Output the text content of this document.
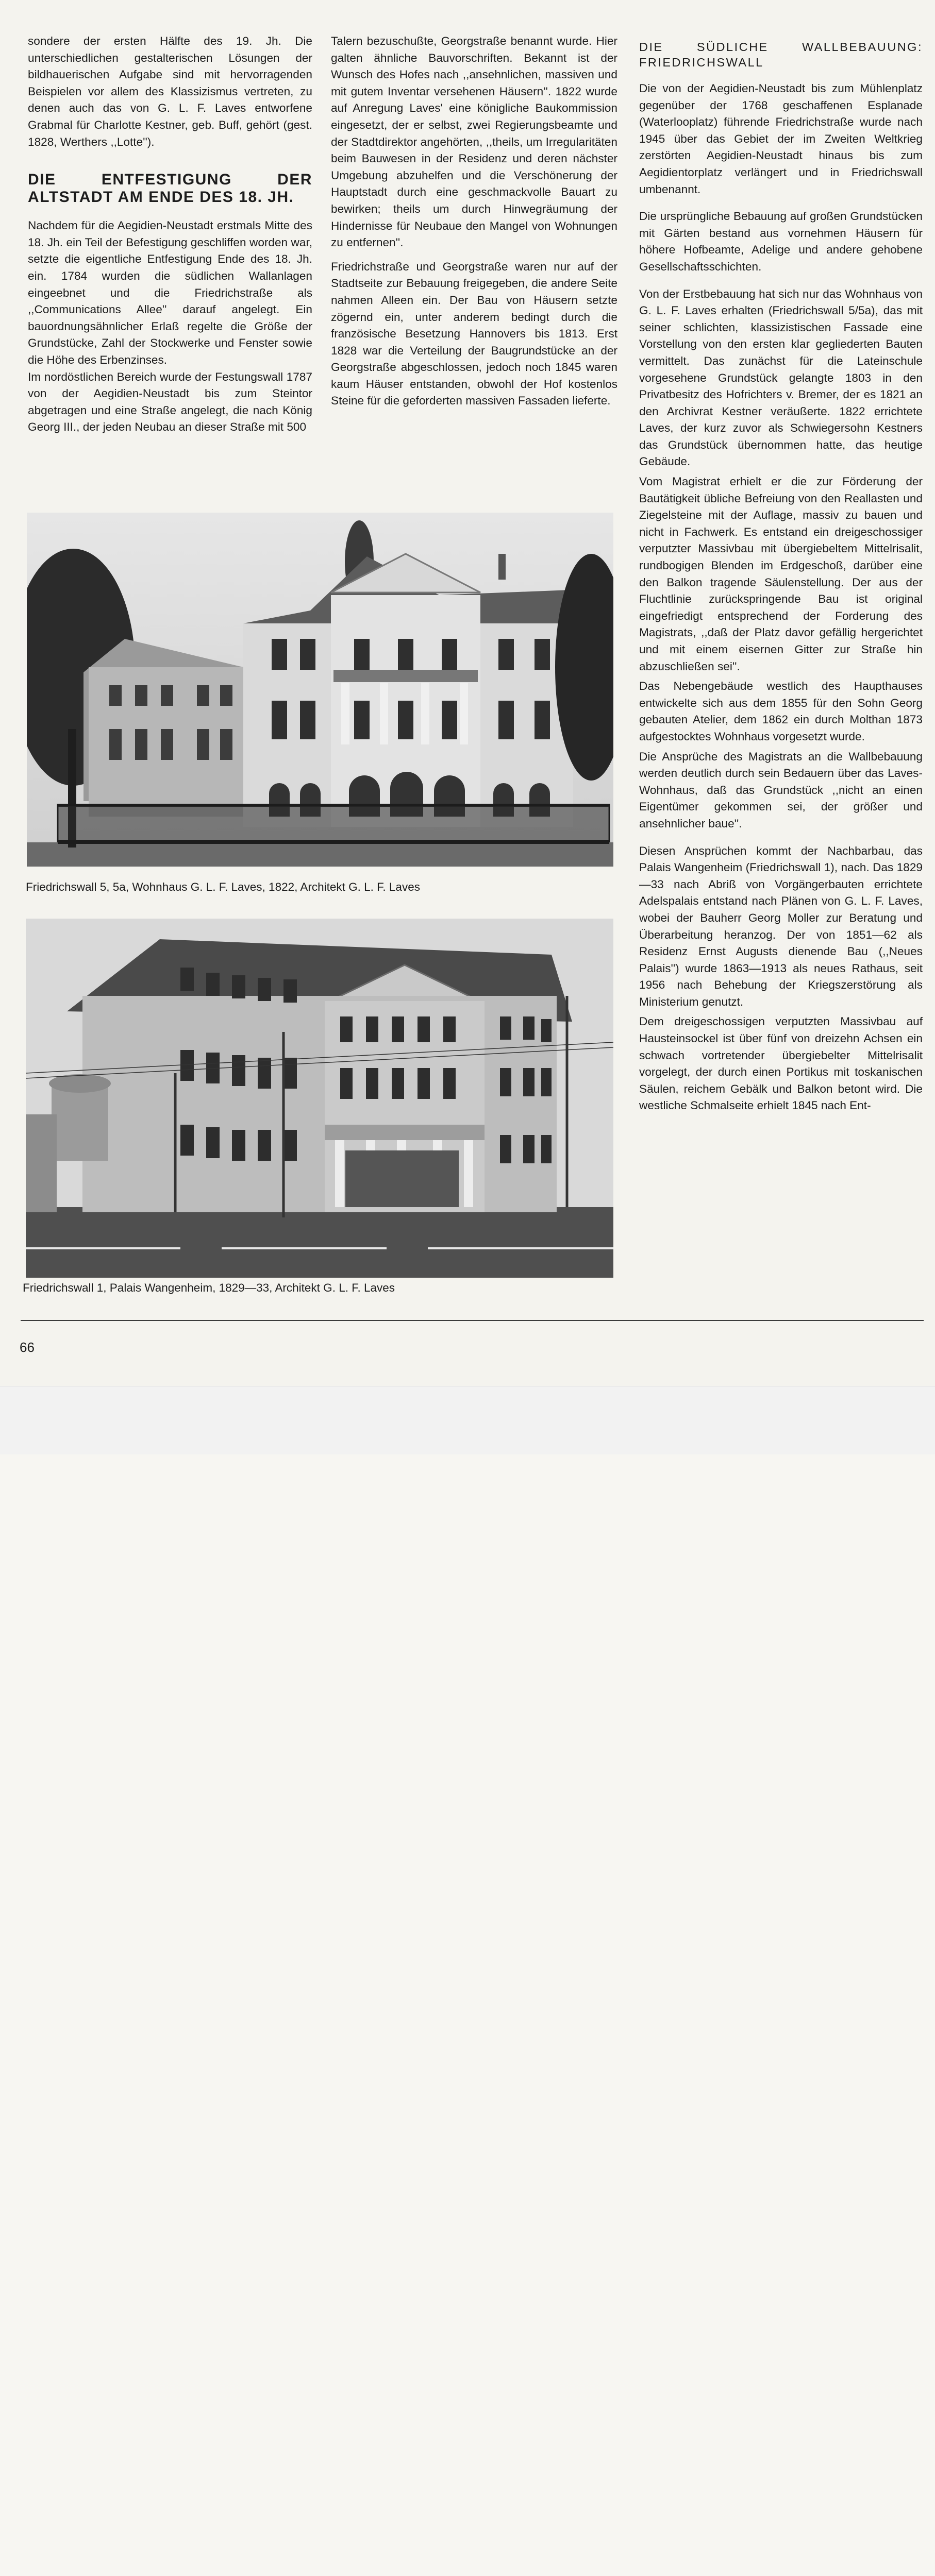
sondere der ersten Hälfte des 19. Jh. Die unterschiedlichen gestalterischen Lösungen der bildhauerischen Aufgabe sind mit hervorragenden Beispielen vor allem des Klassizismus vertreten, zu denen auch das von G. L. F. Laves entworfene Grabmal für Charlotte Kestner, geb. Buff, gehört (gest. 1828, Werthers ,,Lotte'').

DIE ENTFESTIGUNG DER ALTSTADT AM ENDE DES 18. JH.

Nachdem für die Aegidien-Neustadt erstmals Mitte des 18. Jh. ein Teil der Befestigung geschliffen worden war, setzte die eigentliche Entfestigung Ende des 18. Jh. ein. 1784 wurden die südlichen Wallanlagen eingeebnet und die Friedrichstraße als ,,Communications Allee'' darauf angelegt. Ein bauordnungsähnlicher Erlaß regelte die Größe der Grundstücke, Zahl der Stockwerke und Fenster sowie die Höhe des Erbenzinses.

Im nordöstlichen Bereich wurde der Festungswall 1787 von der Aegidien-Neustadt bis zum Steintor abgetragen und eine Straße angelegt, die nach König Georg III., der jeden Neubau an dieser Straße mit 500

Talern bezuschußte, Georgstraße benannt wurde. Hier galten ähnliche Bauvorschriften. Bekannt ist der Wunsch des Hofes nach ,,ansehnlichen, massiven und mit gutem Inventar versehenen Häusern''. 1822 wurde auf Anregung Laves' eine königliche Baukommission eingesetzt, der er selbst, zwei Regierungsbeamte und der Stadtdirektor angehörten, ,,theils, um Irregularitäten beim Bauwesen in der Residenz und deren nächster Umgebung abzuhelfen und die Verschönerung der Hauptstadt durch eine geschmackvolle Bauart zu bewirken; theils um durch Hinwegräumung der Hindernisse für Neubaue den Mangel von Wohnungen zu entfernen''.

Friedrichstraße und Georgstraße waren nur auf der Stadtseite zur Bebauung freigegeben, die andere Seite nahmen Alleen ein. Der Bau von Häusern setzte zögernd ein, unter anderem bedingt durch die französische Besetzung Hannovers bis 1813. Erst 1828 war die Verteilung der Baugrundstücke an der Georgstraße abgeschlossen, jedoch noch 1845 waren kaum Häuser entstanden, obwohl der Hof kostenlos Steine für die geforderten massiven Fassaden lieferte.

DIE SÜDLICHE WALLBEBAUUNG: FRIEDRICHSWALL

Die von der Aegidien-Neustadt bis zum Mühlenplatz gegenüber der 1768 geschaffenen Esplanade (Waterlooplatz) führende Friedrichstraße wurde nach 1945 über das Gebiet der im Zweiten Weltkrieg zerstörten Aegidien-Neustadt hinaus bis zum Aegidientorplatz verlängert und in Friedrichswall umbenannt.

Die ursprüngliche Bebauung auf großen Grundstücken mit Gärten bestand aus vornehmen Häusern für höhere Hofbeamte, Adelige und andere gehobene Gesellschaftsschichten.

Von der Erstbebauung hat sich nur das Wohnhaus von G. L. F. Laves erhalten (Friedrichswall 5/5a), das mit seiner schlichten, klassizistischen Fassade eine Vorstellung von den ersten klar gegliederten Bauten vermittelt. Das zunächst für die Lateinschule vorgesehene Grundstück gelangte 1803 in den Privatbesitz des Hofrichters v. Bremer, der es 1821 an den Archivrat Kestner veräußerte. 1822 errichtete Laves, der kurz zuvor als Schwiegersohn Kestners das Grundstück übernommen hatte, das heutige Gebäude.

Vom Magistrat erhielt er die zur Förderung der Bautätigkeit übliche Befreiung von den Reallasten und Ziegelsteine mit der Auflage, massiv zu bauen und nicht in Fachwerk. Es entstand ein dreigeschossiger verputzter Massivbau mit übergiebeltem Mittelrisalit, rundbogigen Blenden im Erdgeschoß, darüber eine den Balkon tragende Säulenstellung. Der aus der Fluchtlinie zurückspringende Bau ist original eingefriedigt entsprechend der Forderung des Magistrats, ,,daß der Platz davor gefällig hergerichtet und mit einem eisernen Gitter zur Straße hin abzuschließen sei''.

Das Nebengebäude westlich des Haupthauses entwickelte sich aus dem 1855 für den Sohn Georg gebauten Atelier, dem 1862 ein durch Molthan 1873 aufgestocktes Wohnhaus vorgesetzt wurde.

Die Ansprüche des Magistrats an die Wallbebauung werden deutlich durch sein Bedauern über das Laves-Wohnhaus, daß das Grundstück ,,nicht an einen Eigentümer gekommen sei, der größer und ansehnlicher baue''.

Diesen Ansprüchen kommt der Nachbarbau, das Palais Wangenheim (Friedrichswall 1), nach. Das 1829—33 nach Abriß von Vorgängerbauten errichtete Adelspalais entstand nach Plänen von G. L. F. Laves, wobei der Bauherr Georg Moller zur Beratung und Überarbeitung heranzog. Der von 1851—62 als Residenz Ernst Augusts dienende Bau (,,Neues Palais'') wurde 1863—1913 als neues Rathaus, seit 1956 nach Behebung der Kriegszerstörung als Ministerium genutzt.

Dem dreigeschossigen verputzten Massivbau auf Hausteinsockel ist über fünf von dreizehn Achsen ein schwach vortretender übergiebelter Mittelrisalit vorgelegt, der durch einen Portikus mit toskanischen Säulen, reichem Gebälk und Balkon betont wird. Die westliche Schmalseite erhielt 1845 nach Ent-

Friedrichswall 5, 5a, Wohnhaus G. L. F. Laves, 1822, Architekt G. L. F. Laves
Friedrichswall 1, Palais Wangenheim, 1829—33, Architekt G. L. F. Laves
66
